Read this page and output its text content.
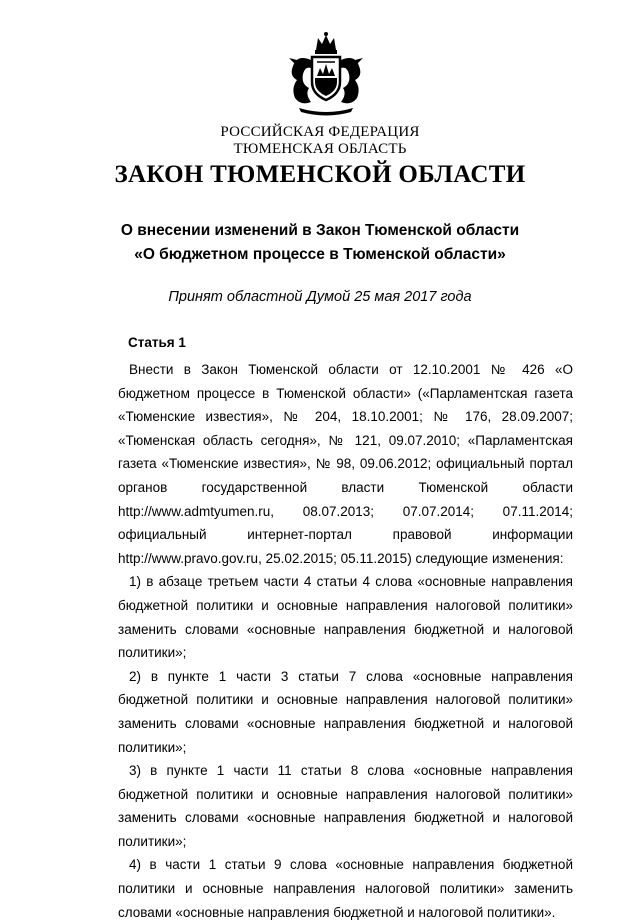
РОССИЙСКАЯ ФЕДЕРАЦИЯ
ТЮМЕНСКАЯ ОБЛАСТЬ
ЗАКОН ТЮМЕНСКОЙ ОБЛАСТИ
О внесении изменений в Закон Тюменской области
«О бюджетном процессе в Тюменской области»
Принят областной Думой 25 мая 2017 года
Статья 1

Внести в Закон Тюменской области от 12.10.2001 № 426 «О бюджетном процессе в Тюменской области» («Парламентская газета «Тюменские известия», № 204, 18.10.2001; № 176, 28.09.2007; «Тюменская область сегодня», № 121, 09.07.2010; «Парламентская газета «Тюменские известия», № 98, 09.06.2012; официальный портал органов государственной власти Тюменской области http://www.admtyumen.ru, 08.07.2013; 07.07.2014; 07.11.2014; официальный интернет-портал правовой информации http://www.pravo.gov.ru, 25.02.2015; 05.11.2015) следующие изменения:

1) в абзаце третьем части 4 статьи 4 слова «основные направления бюджетной политики и основные направления налоговой политики» заменить словами «основные направления бюджетной и налоговой политики»;

2) в пункте 1 части 3 статьи 7 слова «основные направления бюджетной политики и основные направления налоговой политики» заменить словами «основные направления бюджетной и налоговой политики»;

3) в пункте 1 части 11 статьи 8 слова «основные направления бюджетной политики и основные направления налоговой политики» заменить словами «основные направления бюджетной и налоговой политики»;

4) в части 1 статьи 9 слова «основные направления бюджетной политики и основные направления налоговой политики» заменить словами «основные направления бюджетной и налоговой политики».
